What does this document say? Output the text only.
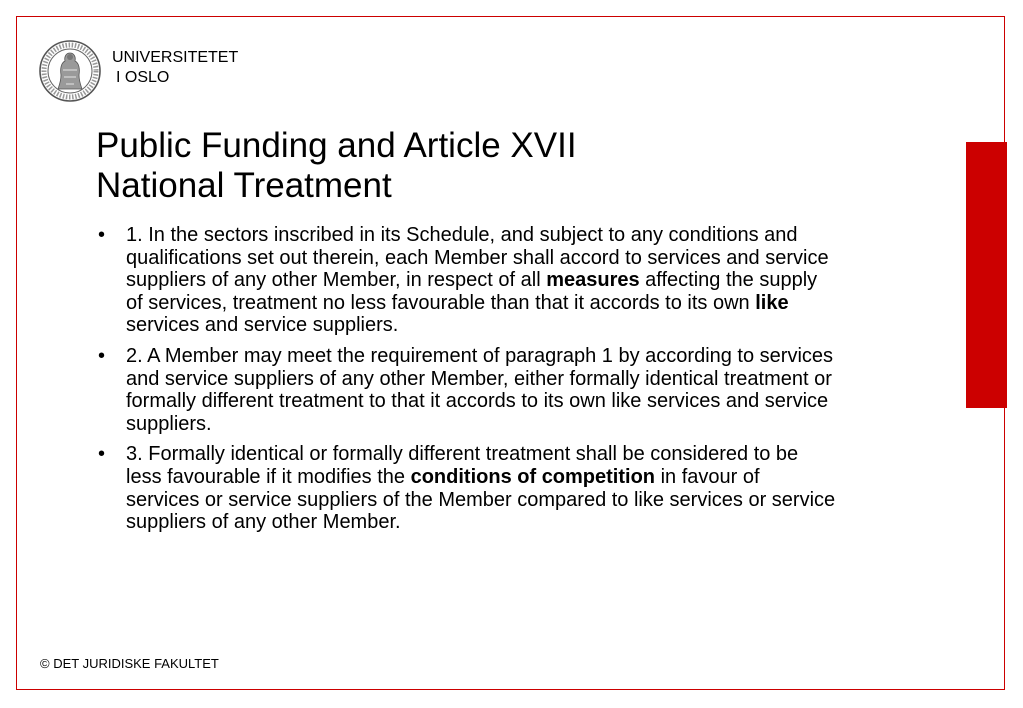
UNIVERSITETET
I OSLO
Public Funding and Article XVII
National Treatment
• 1. In the sectors inscribed in its Schedule, and subject to any conditions and qualifications set out therein, each Member shall accord to services and service suppliers of any other Member, in respect of all measures affecting the supply of services, treatment no less favourable than that it accords to its own like services and service suppliers.
• 2. A Member may meet the requirement of paragraph 1 by according to services and service suppliers of any other Member, either formally identical treatment or formally different treatment to that it accords to its own like services and service suppliers.
• 3. Formally identical or formally different treatment shall be considered to be less favourable if it modifies the conditions of competition in favour of services or service suppliers of the Member compared to like services or service suppliers of any other Member.
© DET JURIDISKE FAKULTET
